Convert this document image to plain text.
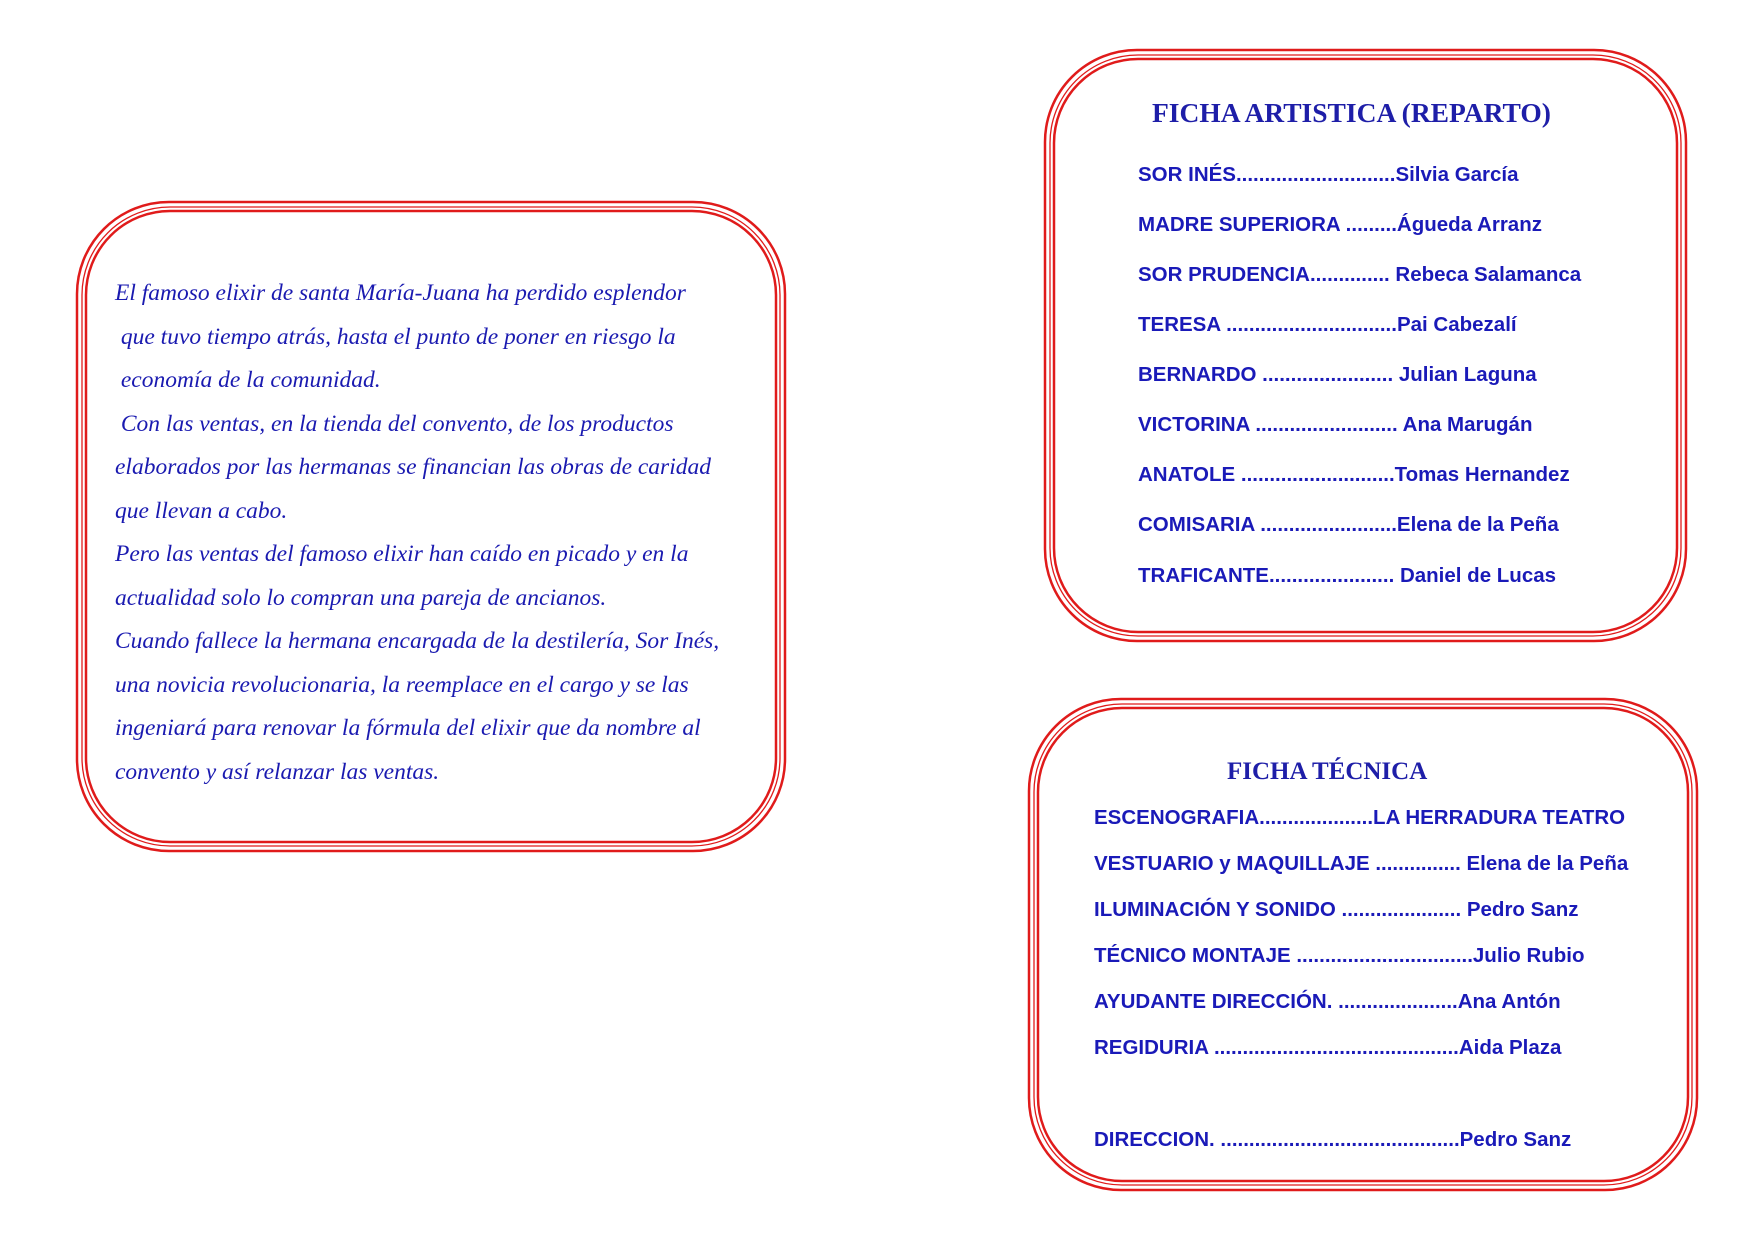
El famoso elixir de santa María-Juana ha perdido esplendor
que tuvo tiempo atrás, hasta el punto de poner en riesgo la
economía de la comunidad.
Con las ventas, en la tienda del convento, de los productos
elaborados por las hermanas se financian las obras de caridad
que llevan a cabo.
Pero las ventas del famoso elixir han caído en picado y en la
actualidad solo lo compran una pareja de ancianos.
Cuando fallece la hermana encargada de la destilería, Sor Inés,
una novicia revolucionaria, la reemplace en el cargo y se las
ingeniará para renovar la fórmula del elixir que da nombre al
convento y así relanzar las ventas.
FICHA ARTISTICA (REPARTO)

SOR INÉS............................Silvia García

MADRE SUPERIORA .........Águeda Arranz

SOR PRUDENCIA.............. Rebeca Salamanca

TERESA ..............................Pai Cabezalí

BERNARDO ....................... Julian Laguna

VICTORINA ......................... Ana Marugán

ANATOLE ...........................Tomas Hernandez

COMISARIA ........................Elena de la Peña

TRAFICANTE...................... Daniel de Lucas

FICHA TÉCNICA

ESCENOGRAFIA....................LA HERRADURA TEATRO

VESTUARIO y MAQUILLAJE ............... Elena de la Peña

ILUMINACIÓN Y SONIDO ..................... Pedro Sanz

TÉCNICO MONTAJE ...............................Julio Rubio

AYUDANTE DIRECCIÓN. .....................Ana Antón

REGIDURIA ...........................................Aida Plaza

DIRECCION. ..........................................Pedro Sanz
